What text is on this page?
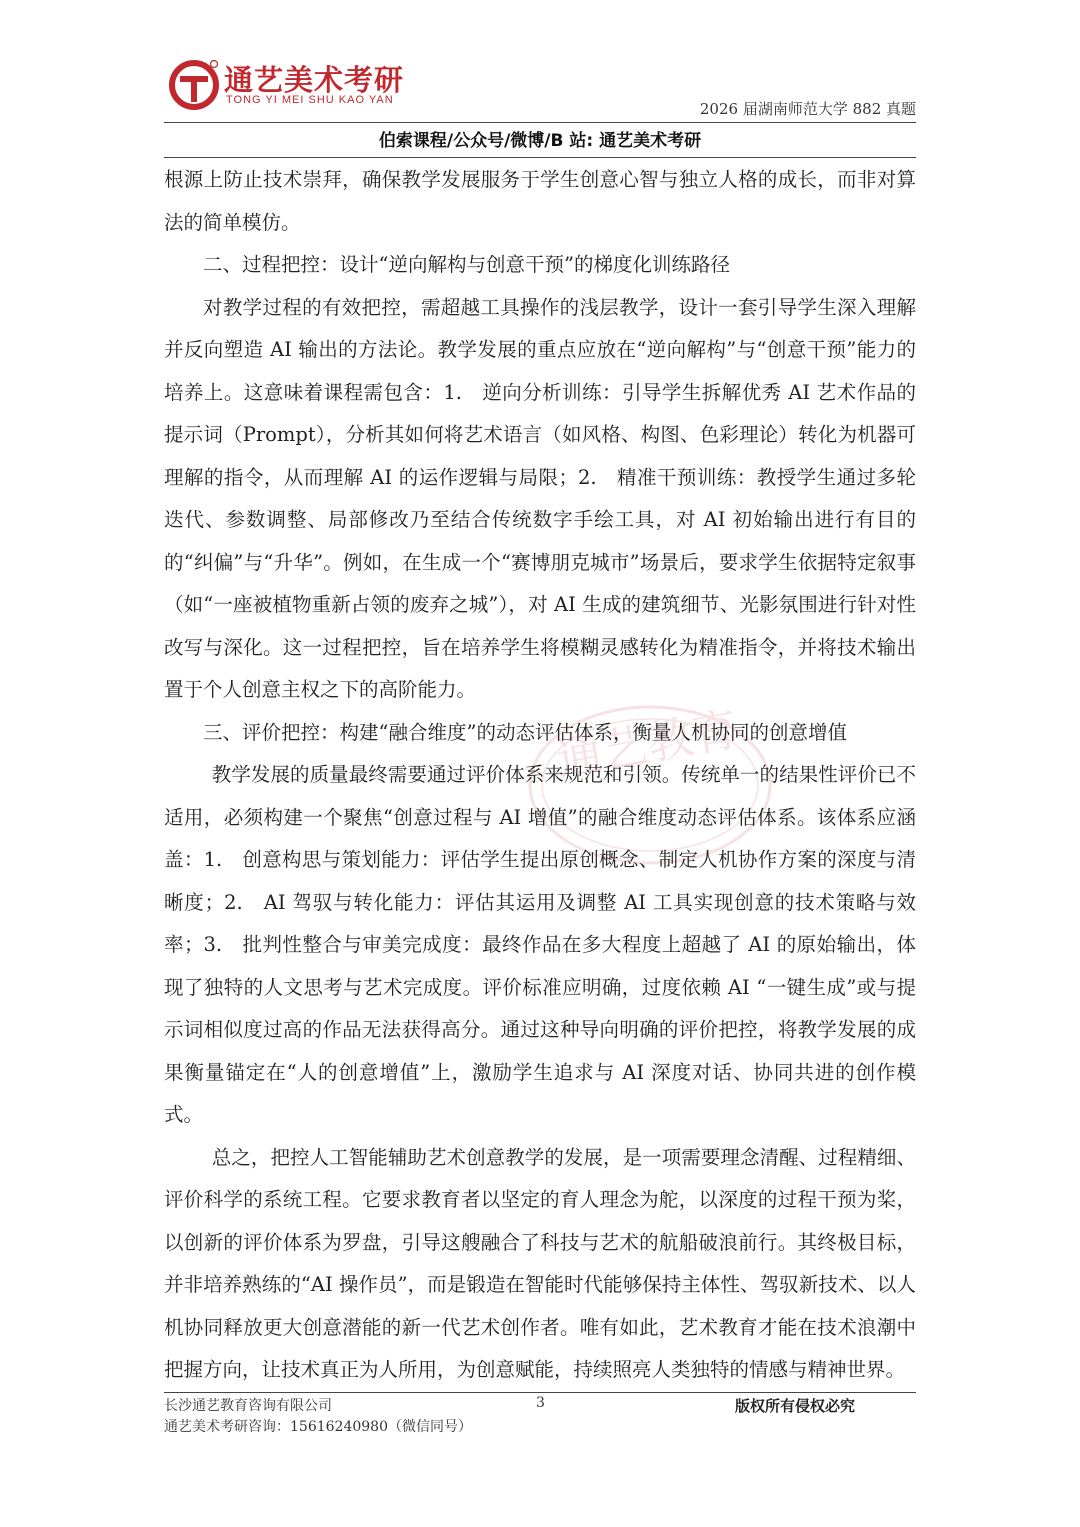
通艺美术考研
TONG YI MEI SHU KAO YAN	2026 届湖南师范大学 882 真题
伯索课程/公众号/微博/B 站: 通艺美术考研
通艺教育

根源上防止技术崇拜，确保教学发展服务于学生创意心智与独立人格的成长，而非对算法的简单模仿。

二、过程把控：设计“逆向解构与创意干预”的梯度化训练路径

对教学过程的有效把控，需超越工具操作的浅层教学，设计一套引导学生深入理解并反向塑造 AI 输出的方法论。教学发展的重点应放在“逆向解构”与“创意干预”能力的培养上。这意味着课程需包含：1.　逆向分析训练：引导学生拆解优秀 AI 艺术作品的提示词（Prompt），分析其如何将艺术语言（如风格、构图、色彩理论）转化为机器可理解的指令，从而理解 AI 的运作逻辑与局限；2.　精准干预训练：教授学生通过多轮迭代、参数调整、局部修改乃至结合传统数字手绘工具，对 AI 初始输出进行有目的的“纠偏”与“升华”。例如，在生成一个“赛博朋克城市”场景后，要求学生依据特定叙事（如“一座被植物重新占领的废弃之城”），对 AI 生成的建筑细节、光影氛围进行针对性改写与深化。这一过程把控，旨在培养学生将模糊灵感转化为精准指令，并将技术输出置于个人创意主权之下的高阶能力。

三、评价把控：构建“融合维度”的动态评估体系，衡量人机协同的创意增值

教学发展的质量最终需要通过评价体系来规范和引领。传统单一的结果性评价已不适用，必须构建一个聚焦“创意过程与 AI 增值”的融合维度动态评估体系。该体系应涵盖：1.　创意构思与策划能力：评估学生提出原创概念、制定人机协作方案的深度与清晰度；2.　AI 驾驭与转化能力：评估其运用及调整 AI 工具实现创意的技术策略与效率；3.　批判性整合与审美完成度：最终作品在多大程度上超越了 AI 的原始输出，体现了独特的人文思考与艺术完成度。评价标准应明确，过度依赖 AI “一键生成”或与提示词相似度过高的作品无法获得高分。通过这种导向明确的评价把控，将教学发展的成果衡量锚定在“人的创意增值”上，激励学生追求与 AI 深度对话、协同共进的创作模式。

总之，把控人工智能辅助艺术创意教学的发展，是一项需要理念清醒、过程精细、评价科学的系统工程。它要求教育者以坚定的育人理念为舵，以深度的过程干预为桨，以创新的评价体系为罗盘，引导这艘融合了科技与艺术的航船破浪前行。其终极目标，并非培养熟练的“AI 操作员”，而是锻造在智能时代能够保持主体性、驾驭新技术、以人机协同释放更大创意潜能的新一代艺术创作者。唯有如此，艺术教育才能在技术浪潮中把握方向，让技术真正为人所用，为创意赋能，持续照亮人类独特的情感与精神世界。

长沙通艺教育咨询有限公司
通艺美术考研咨询：15616240980（微信同号）
3	版权所有侵权必究
